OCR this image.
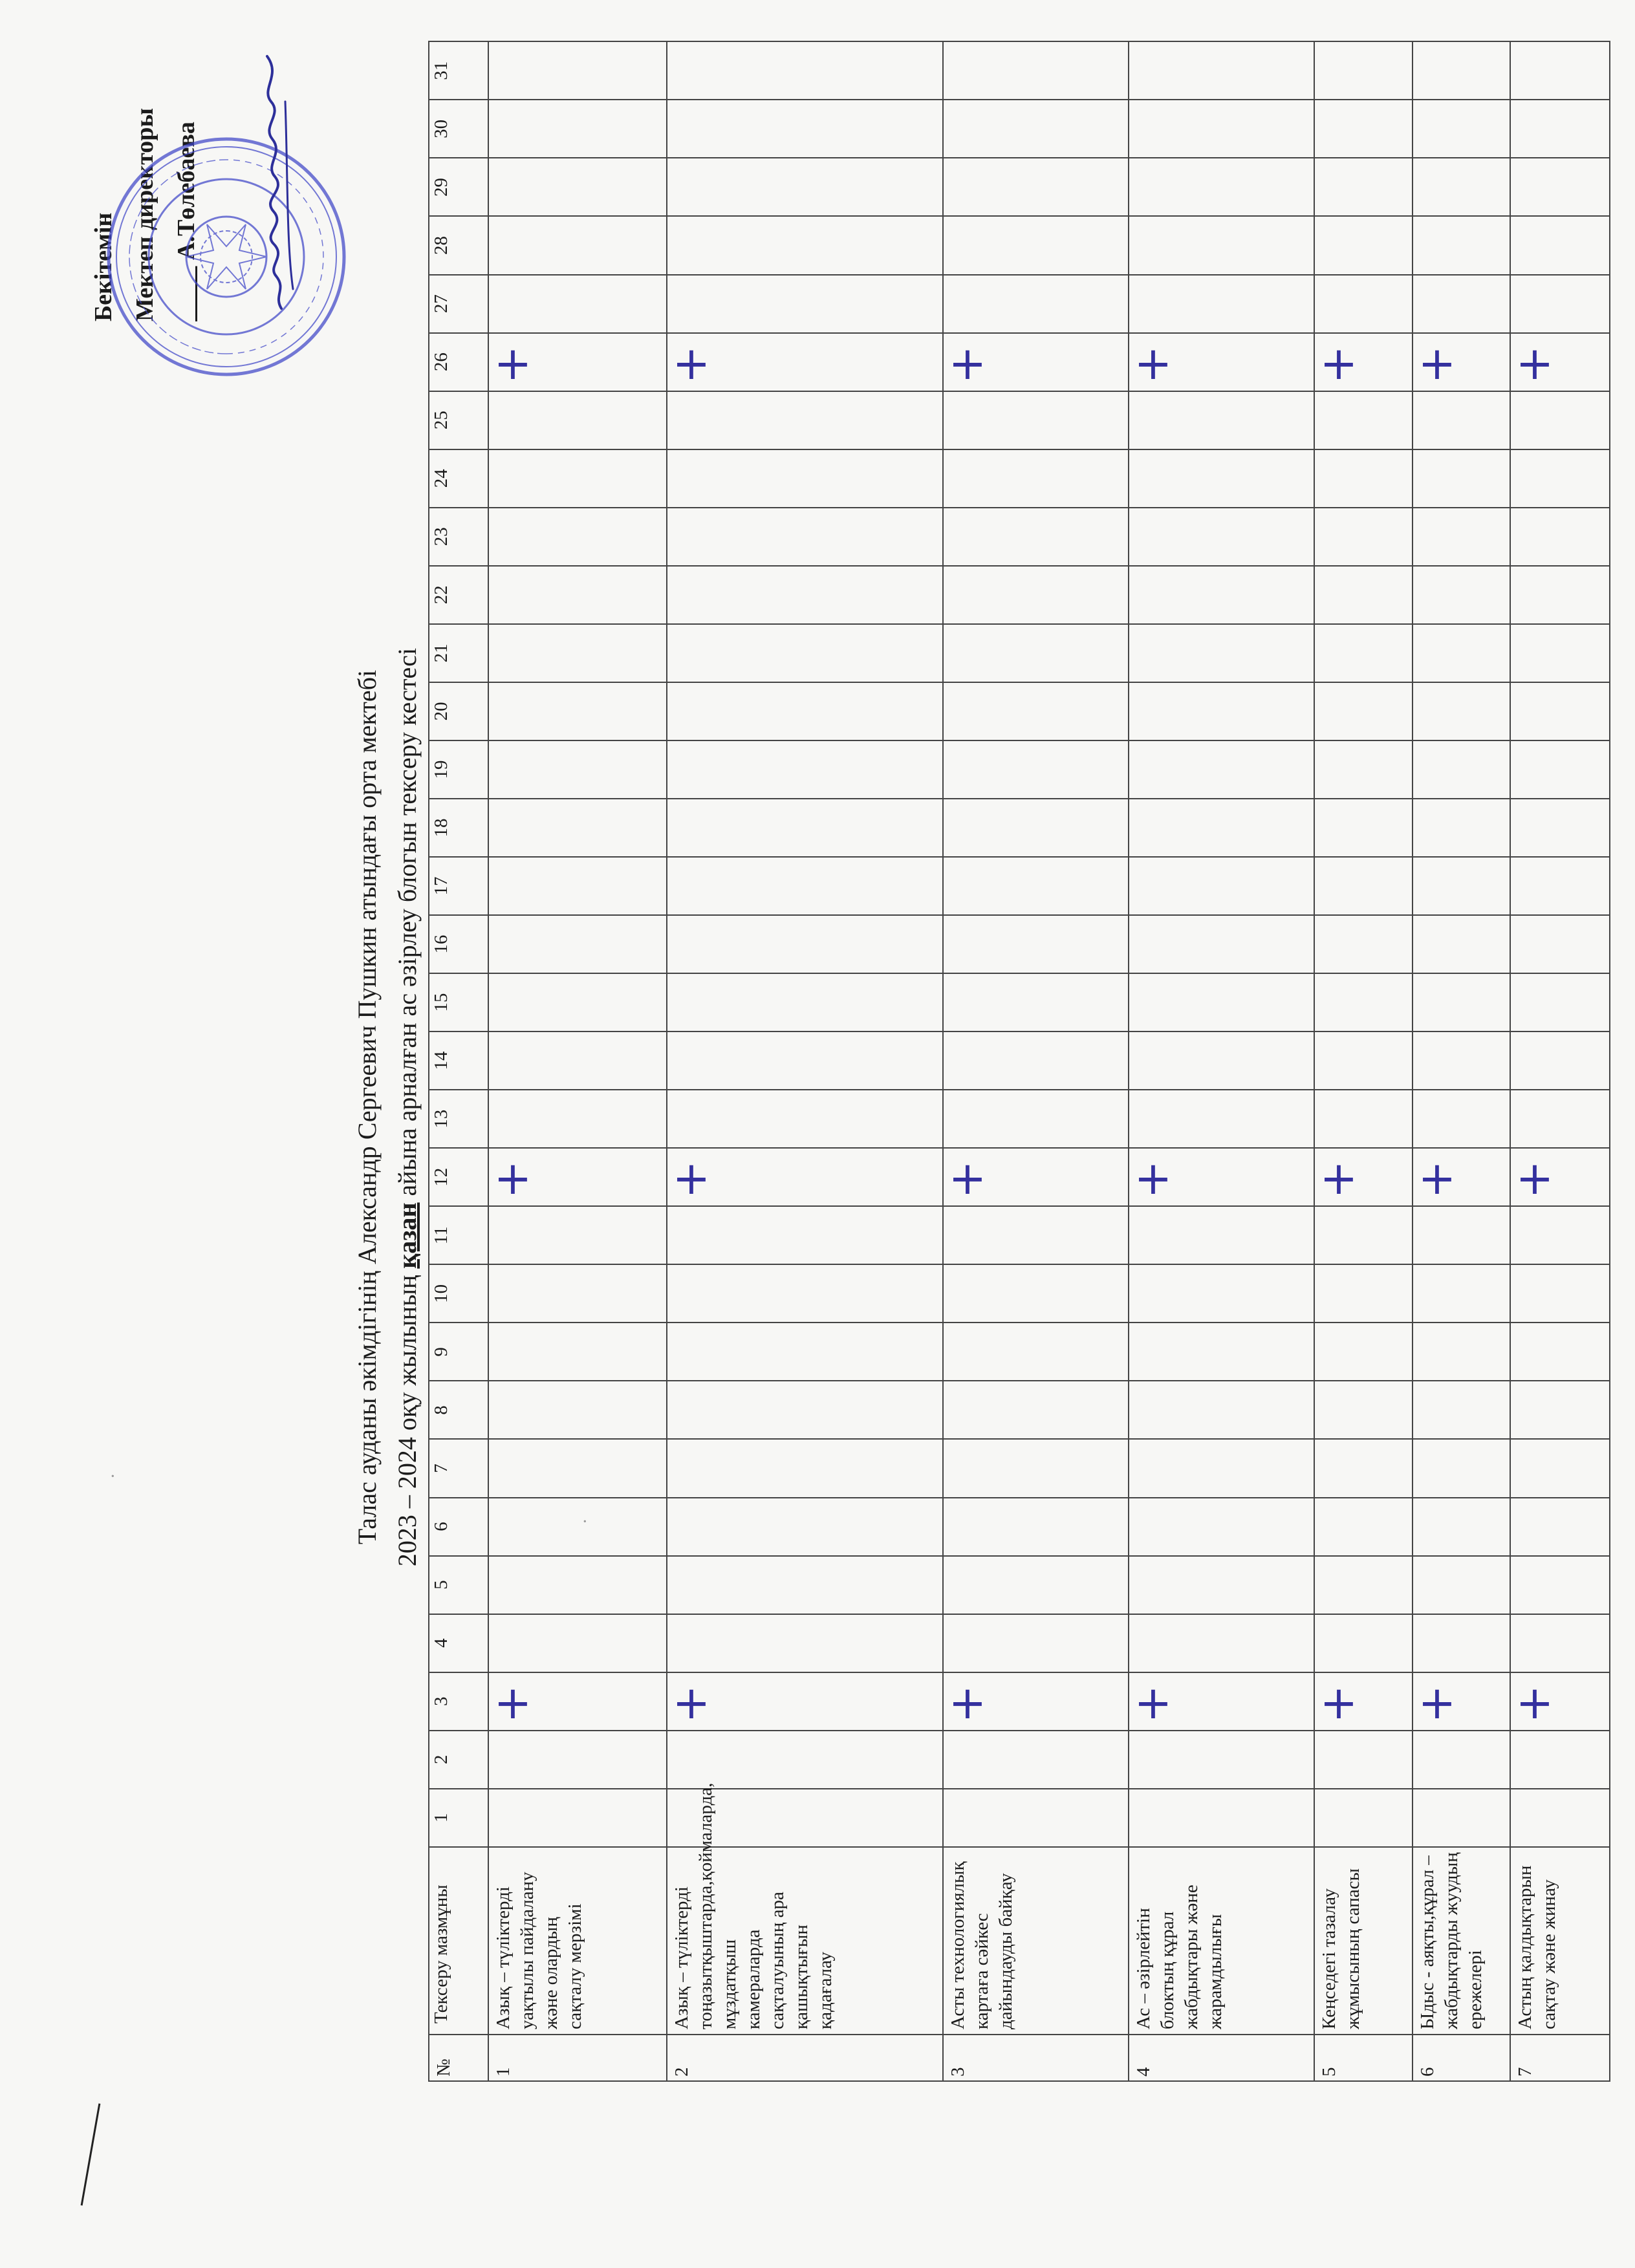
Бекітемін Мектеп директоры А.Төлебаева
Талас ауданы әкімдігінің Александр Сергеевич Пушкин атындағы орта мектебі 2023 – 2024 оқу жылының қазан айына арналған ас әзірлеу блогын тексеру кестесі
№	Тексеру мазмұны	1	2	3	4	5	6	7	8	9	10	11	12	13	14	15	16	17	18	19	20	21	22	23	24	25	26	27	28	29	30	31
1	Азық – түліктерді уақтылы пайдалану және олардың сақталу мерзімі			+									+														+					

2	Азық – түліктерді тоңазытқыштарда,қоймаларда, мұздатқыш камераларда сақталуының ара қашықтығын қадағалау			+									+														+					

3	Асты технологиялық картаға сәйкес дайындауды байқау			+									+														+					

4	Ас – әзірлейтін блоктың құрал жабдықтары және жарамдылығы			+									+														+					

5	Кеңседегі тазалау жұмысының сапасы			+									+														+					

6	Ыдыс - аяқты,құрал – жабдықтарды жуудың ережелері			+									+														+					

7	Астың қалдықтарын сақтау және жинау			+									+														+					

·
·
